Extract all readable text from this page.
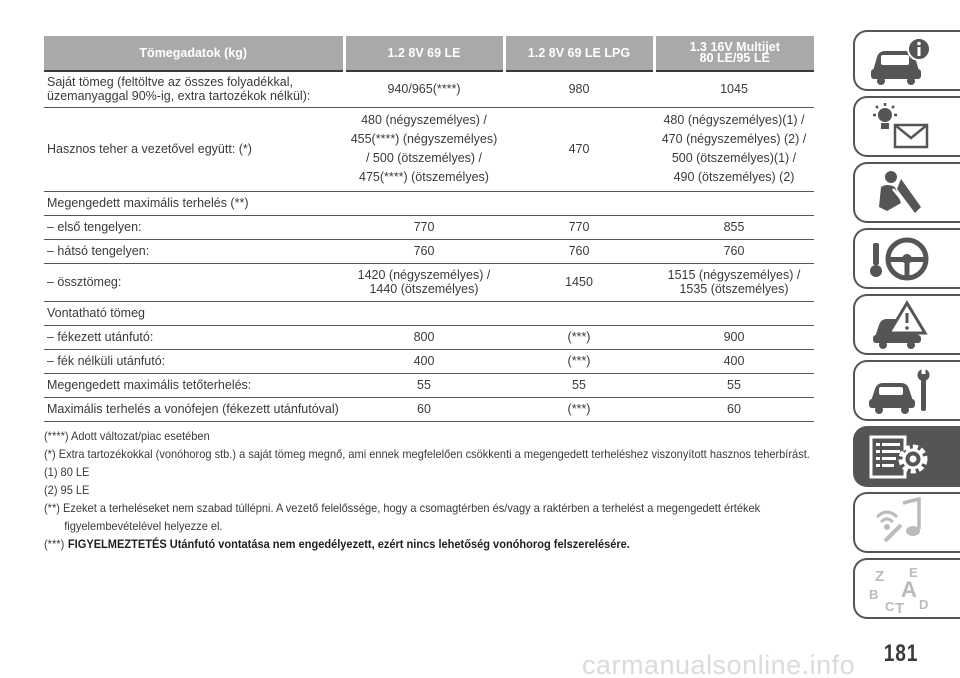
Tömegadatok (kg)	1.2 8V 69 LE	1.2 8V 69 LE LPG	1.3 16V Multijet
80 LE/95 LE
Saját tömeg (feltöltve az összes folyadékkal,
üzemanyaggal 90%-ig, extra tartozékok nélkül):	940/965(****)	980	1045
Hasznos teher a vezetővel együtt: (*)	480 (négyszemélyes) /
455(****) (négyszemélyes)
/ 500 (ötszemélyes) /
475(****) (ötszemélyes)	470	480 (négyszemélyes)(1) /
470 (négyszemélyes) (2) /
500 (ötszemélyes)(1) /
490 (ötszemélyes) (2)

Megengedett maximális terhelés (**)			
– első tengelyen:	770	770	855
– hátsó tengelyen:	760	760	760
– össztömeg:	1420 (négyszemélyes) /
1440 (ötszemélyes)	1450	1515 (négyszemélyes) /
1535 (ötszemélyes)
Vontatható tömeg			
– fékezett utánfutó:	800	(***)	900
– fék nélküli utánfutó:	400	(***)	400
Megengedett maximális tetőterhelés:	55	55	55
Maximális terhelés a vonófejen (fékezett utánfutóval)	60	(***)	60
(****) Adott változat/piac esetében
(*) Extra tartozékokkal (vonóhorog stb.) a saját tömeg megnő, ami ennek megfelelően csökkenti a megengedett terheléshez viszonyított hasznos teherbírást.
(1) 80 LE
(2) 95 LE
(**) Ezeket a terheléseket nem szabad túllépni. A vezető felelőssége, hogy a csomagtérben és/vagy a raktérben a terhelést a megengedett értékek
figyelembevételével helyezze el.
(***) FIGYELMEZTETÉS Utánfutó vontatása nem engedélyezett, ezért nincs lehetőség vonóhorog felszerelésére.
Z E
B A
C T D
carmanualsonline.info 181
